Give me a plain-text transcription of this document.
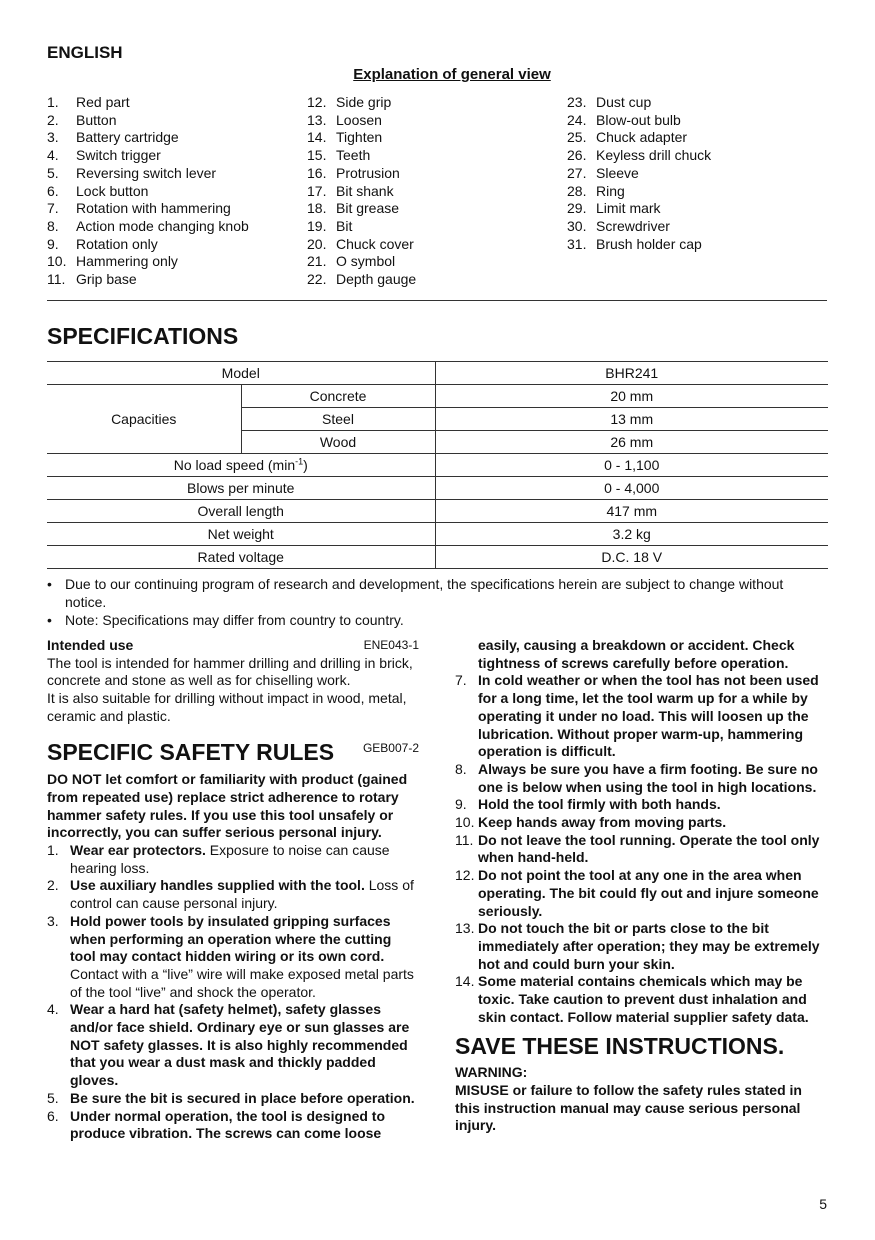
ENGLISH
Explanation of general view
1.	Red part
2.	Button
3.	Battery cartridge
4.	Switch trigger
5.	Reversing switch lever
6.	Lock button
7.	Rotation with hammering
8.	Action mode changing knob
9.	Rotation only
10. Hammering only
11. Grip base
12. Side grip
13. Loosen
14. Tighten
15. Teeth
16. Protrusion
17. Bit shank
18. Bit grease
19. Bit
20. Chuck cover
21. O symbol
22. Depth gauge
23. Dust cup
24. Blow-out bulb
25. Chuck adapter
26. Keyless drill chuck
27. Sleeve
28. Ring
29. Limit mark
30. Screwdriver
31. Brush holder cap
SPECIFICATIONS
Model		BHR241
Capacities	Concrete	20 mm
	Steel	13 mm
	Wood	26 mm
No load speed $(\min^{-1})$		0 - 1,100
Blows per minute		0 - 4,000
Overall length		417 mm
Net weight		3.2 kg
Rated voltage		D.C. 18 V
• Due to our continuing program of research and development, the specifications herein are subject to change without notice.
• Note: Specifications may differ from country to country.
Intended use	ENE043-1
The tool is intended for hammer drilling and drilling in brick, concrete and stone as well as for chiselling work.
It is also suitable for drilling without impact in wood, metal, ceramic and plastic.
SPECIFIC SAFETY RULES GEB007-2
DO NOT let comfort or familiarity with product (gained from repeated use) replace strict adherence to rotary hammer safety rules. If you use this tool unsafely or incorrectly, you can suffer serious personal injury.
1. Wear ear protectors. Exposure to noise can cause hearing loss.
2. Use auxiliary handles supplied with the tool. Loss of control can cause personal injury.
3. Hold power tools by insulated gripping surfaces when performing an operation where the cutting tool may contact hidden wiring or its own cord. Contact with a “live” wire will make exposed metal parts of the tool “live” and shock the operator.
4. Wear a hard hat (safety helmet), safety glasses and/or face shield. Ordinary eye or sun glasses are NOT safety glasses. It is also highly recommended that you wear a dust mask and thickly padded gloves.
5. Be sure the bit is secured in place before operation.
6. Under normal operation, the tool is designed to produce vibration. The screws can come loose
easily, causing a breakdown or accident. Check tightness of screws carefully before operation.
7. In cold weather or when the tool has not been used for a long time, let the tool warm up for a while by operating it under no load. This will loosen up the lubrication. Without proper warm-up, hammering operation is difficult.
8. Always be sure you have a firm footing. Be sure no one is below when using the tool in high locations.
9. Hold the tool firmly with both hands.
10. Keep hands away from moving parts.
11. Do not leave the tool running. Operate the tool only when hand-held.
12. Do not point the tool at any one in the area when operating. The bit could fly out and injure someone seriously.
13. Do not touch the bit or parts close to the bit immediately after operation; they may be extremely hot and could burn your skin.
14. Some material contains chemicals which may be toxic. Take caution to prevent dust inhalation and skin contact. Follow material supplier safety data.
SAVE THESE INSTRUCTIONS.
WARNING:
MISUSE or failure to follow the safety rules stated in this instruction manual may cause serious personal injury.
5
